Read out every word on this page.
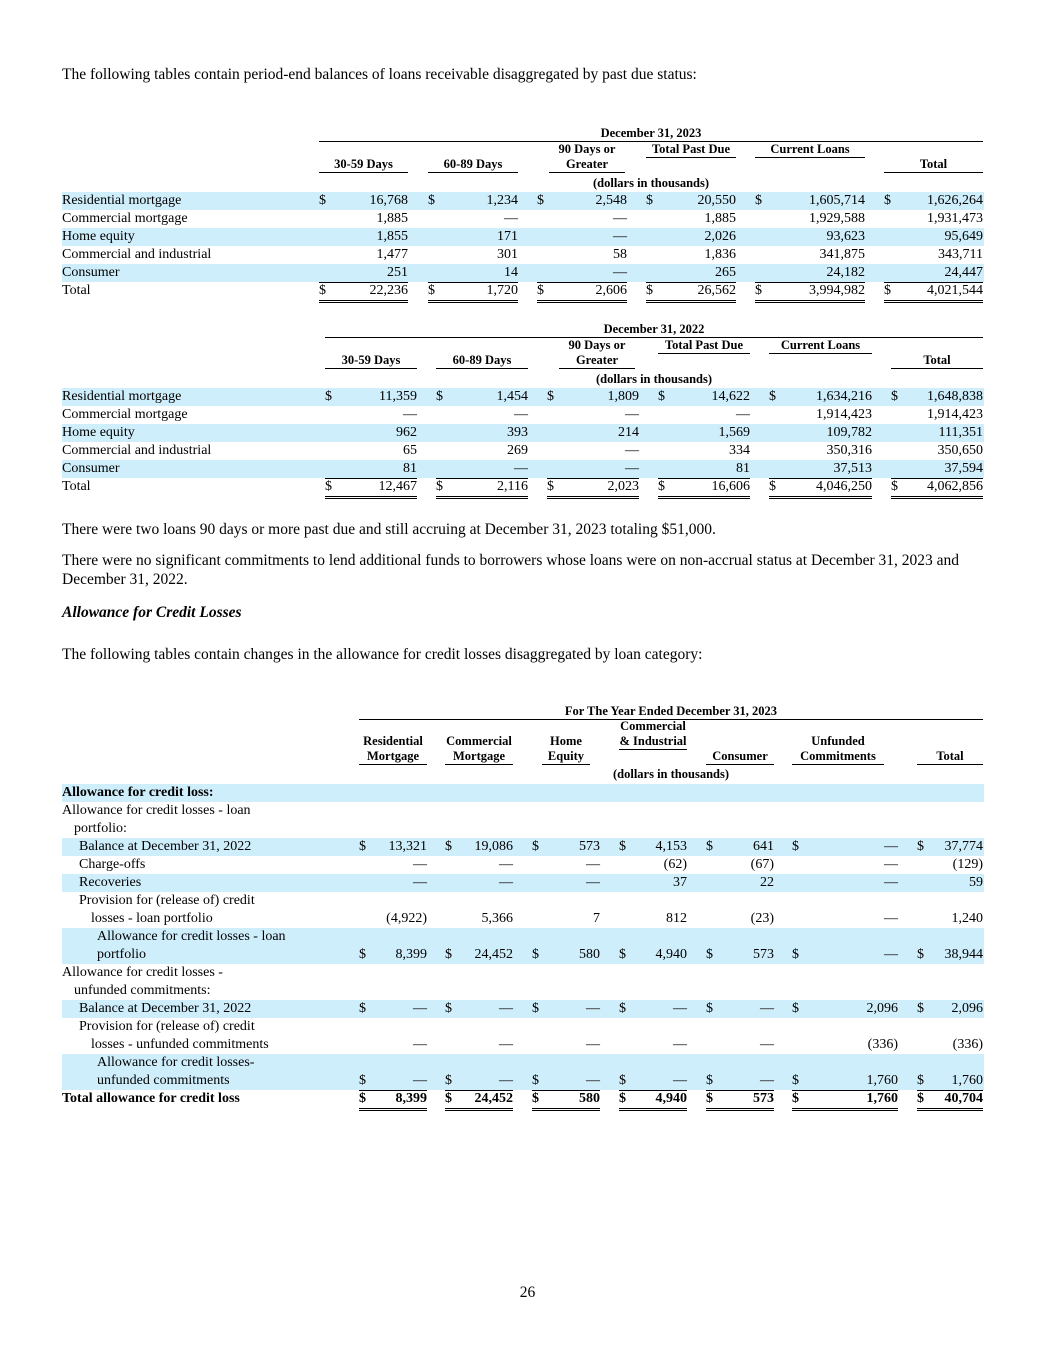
The following tables contain period-end balances of loans receivable disaggregated by past due status:

December 31, 2023
30-59 Days	60-89 Days
90 Days or Greater
Total Past Due	Current Loans
Total
(dollars in thousands)
Residential mortgage	$	16,768 $	1,234 $	2,548 $	20,550 $	1,605,714 $	1,626,264
Commercial mortgage	1,885	—	—	1,885	1,929,588	1,931,473
Home equity	1,855	171	—	2,026	93,623	95,649
Commercial and industrial	1,477	301	58	1,836	341,875	343,711
Consumer	251	14	—	265	24,182	24,447
Total	$	22,236 $	1,720 $	2,606 $	26,562 $	3,994,982 $	4,021,544
December 31, 2022
30-59 Days	60-89 Days
90 Days or Greater
Total Past Due	Current Loans
Total
(dollars in thousands)
Residential mortgage	$	11,359 $	1,454 $	1,809 $	14,622 $	1,634,216 $ 1,648,838
Commercial mortgage	—	—	—	—	1,914,423	1,914,423
Home equity	962	393	214	1,569	109,782	111,351
Commercial and industrial	65	269	—	334	350,316	350,650
Consumer	81	—	—	81	37,513	37,594
Total	$	12,467 $	2,116 $	2,023 $	16,606 $	4,046,250 $ 4,062,856

There were two loans 90 days or more past due and still accruing at December 31, 2023 totaling $51,000.

There were no significant commitments to lend additional funds to borrowers whose loans were on non-accrual status at December 31, 2023 and December 31, 2022.

Allowance for Credit Losses

The following tables contain changes in the allowance for credit losses disaggregated by loan category:

For The Year Ended December 31, 2023
Residential Mortgage
Commercial Mortgage
Home Equity
Commercial & Industrial
Consumer
Unfunded Commitments	Total
(dollars in thousands)
Allowance for credit loss:
Allowance for credit losses - loan
portfolio:
Balance at December 31, 2022	$ 13,321 $ 19,086 $	573 $ 4,153 $	641 $	— $ 37,774
Charge-offs	—	—	—	(62)	(67)	—	(129)
Recoveries	—	—	—	37	22	—	59
Provision for (release of) credit
losses - loan portfolio	(4,922)	5,366	7	812	(23)	—	1,240
Allowance for credit losses - loan
portfolio	$ 8,399 $ 24,452 $	580 $ 4,940 $	573 $	— $ 38,944
Allowance for credit losses -
unfunded commitments:
Balance at December 31, 2022	$	— $	— $	— $	— $	— $	2,096 $ 2,096
Provision for (release of) credit
losses - unfunded commitments	—	—	—	—	—	(336)	(336)
Allowance for credit losses-
unfunded commitments	$	— $	— $	— $	— $	— $	1,760 $ 1,760
Total allowance for credit loss	$ 8,399 $ 24,452 $	580 $ 4,940 $	573 $	1,760 $ 40,704
26
